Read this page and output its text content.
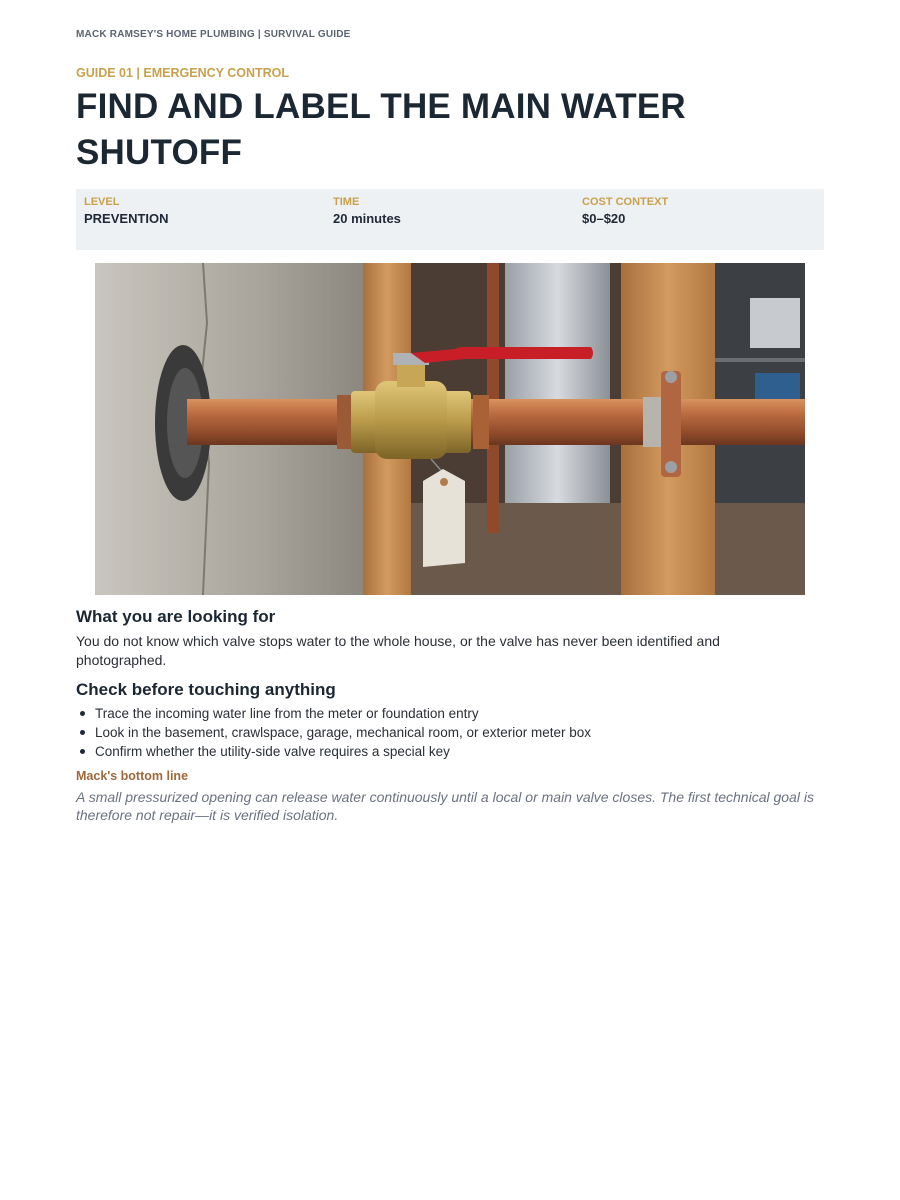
MACK RAMSEY'S HOME PLUMBING | SURVIVAL GUIDE
GUIDE 01 | EMERGENCY CONTROL
FIND AND LABEL THE MAIN WATER SHUTOFF
LEVEL
PREVENTION
TIME
20 minutes
COST CONTEXT
$0–$20
What you are looking for

You do not know which valve stops water to the whole house, or the valve has never been identified and photographed.

Check before touching anything
Trace the incoming water line from the meter or foundation entry
Look in the basement, crawlspace, garage, mechanical room, or exterior meter box
Confirm whether the utility-side valve requires a special key
Mack's bottom line

A small pressurized opening can release water continuously until a local or main valve closes. The first technical goal is therefore not repair—it is verified isolation.
